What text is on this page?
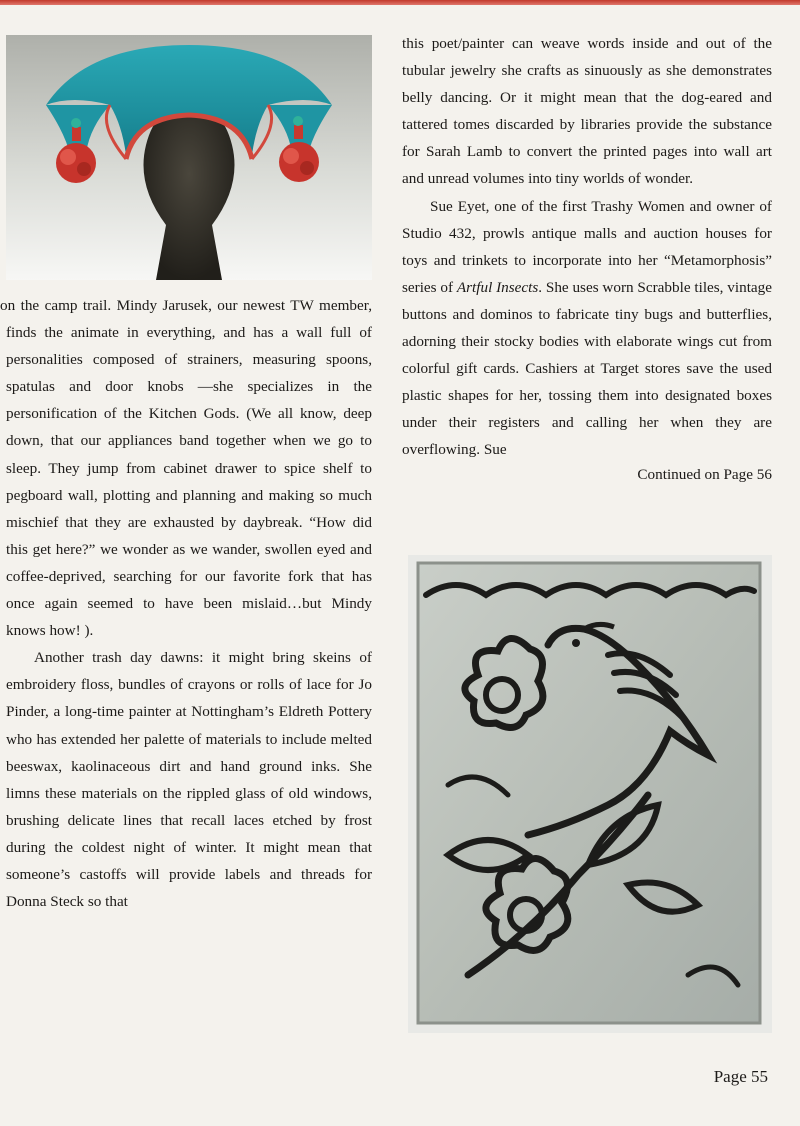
on the camp trail. Mindy Jarusek, our newest TW member, finds the animate in everything, and has a wall full of personalities composed of strainers, measuring spoons, spatulas and door knobs —she specializes in the personification of the Kitchen Gods. (We all know, deep down, that our appliances band together when we go to sleep. They jump from cabinet drawer to spice shelf to pegboard wall, plotting and planning and making so much mischief that they are exhausted by daybreak. “How did this get here?” we wonder as we wander, swollen eyed and coffee-deprived, searching for our favorite fork that has once again seemed to have been mislaid…but Mindy knows how! ).

Another trash day dawns: it might bring skeins of embroidery floss, bundles of crayons or rolls of lace for Jo Pinder, a long-time painter at Nottingham’s Eldreth Pottery who has extended her palette of materials to include melted beeswax, kaolinaceous dirt and hand ground inks. She limns these materials on the rippled glass of old windows, brushing delicate lines that recall laces etched by frost during the coldest night of winter. It might mean that someone’s castoffs will provide labels and threads for Donna Steck so that

this poet/painter can weave words inside and out of the tubular jewelry she crafts as sinuously as she demonstrates belly dancing. Or it might mean that the dog-eared and tattered tomes discarded by libraries provide the substance for Sarah Lamb to convert the printed pages into wall art and unread volumes into tiny worlds of wonder.

Sue Eyet, one of the first Trashy Women and owner of Studio 432, prowls antique malls and auction houses for toys and trinkets to incorporate into her “Metamorphosis” series of Artful Insects. She uses worn Scrabble tiles, vintage buttons and dominos to fabricate tiny bugs and butterflies, adorning their stocky bodies with elaborate wings cut from colorful gift cards. Cashiers at Target stores save the used plastic shapes for her, tossing them into designated boxes under their registers and calling her when they are overflowing. Sue

Continued on Page 56

Page 55
